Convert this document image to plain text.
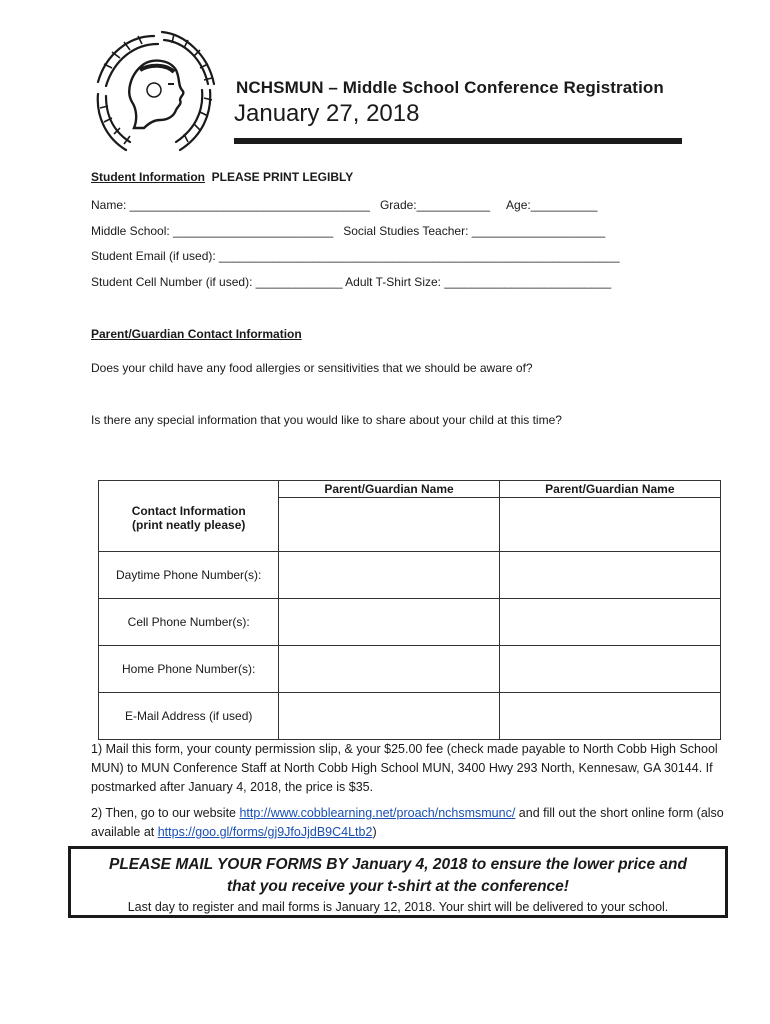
NCHSMUN – Middle School Conference Registration
January 27, 2018
Student Information PLEASE PRINT LEGIBLY
Name: ____________________________________   Grade:___________     Age:__________
Middle School: ________________________   Social Studies Teacher: ____________________
Student Email (if used): ____________________________________________________________
Student Cell Number (if used): _____________ Adult T-Shirt Size: _________________________
Parent/Guardian Contact Information
Does your child have any food allergies or sensitivities that we should be aware of?
Is there any special information that you would like to share about your child at this time?
Contact Information
(print neatly please)	Parent/Guardian Name	Parent/Guardian Name

Daytime Phone Number(s):		
Cell Phone Number(s):		
Home Phone Number(s):		
E-Mail Address (if used)		
1) Mail this form, your county permission slip, & your $25.00 fee (check made payable to North Cobb High School MUN) to MUN Conference Staff at North Cobb High School MUN, 3400 Hwy 293 North, Kennesaw, GA 30144. If postmarked after January 4, 2018, the price is $35.
2) Then, go to our website http://www.cobblearning.net/proach/nchsmsmunc/ and fill out the short online form (also available at https://goo.gl/forms/gj9JfoJjdB9C4Ltb2)
PLEASE MAIL YOUR FORMS BY January 4, 2018 to ensure the lower price and
that you receive your t-shirt at the conference!
Last day to register and mail forms is January 12, 2018. Your shirt will be delivered to your school.
